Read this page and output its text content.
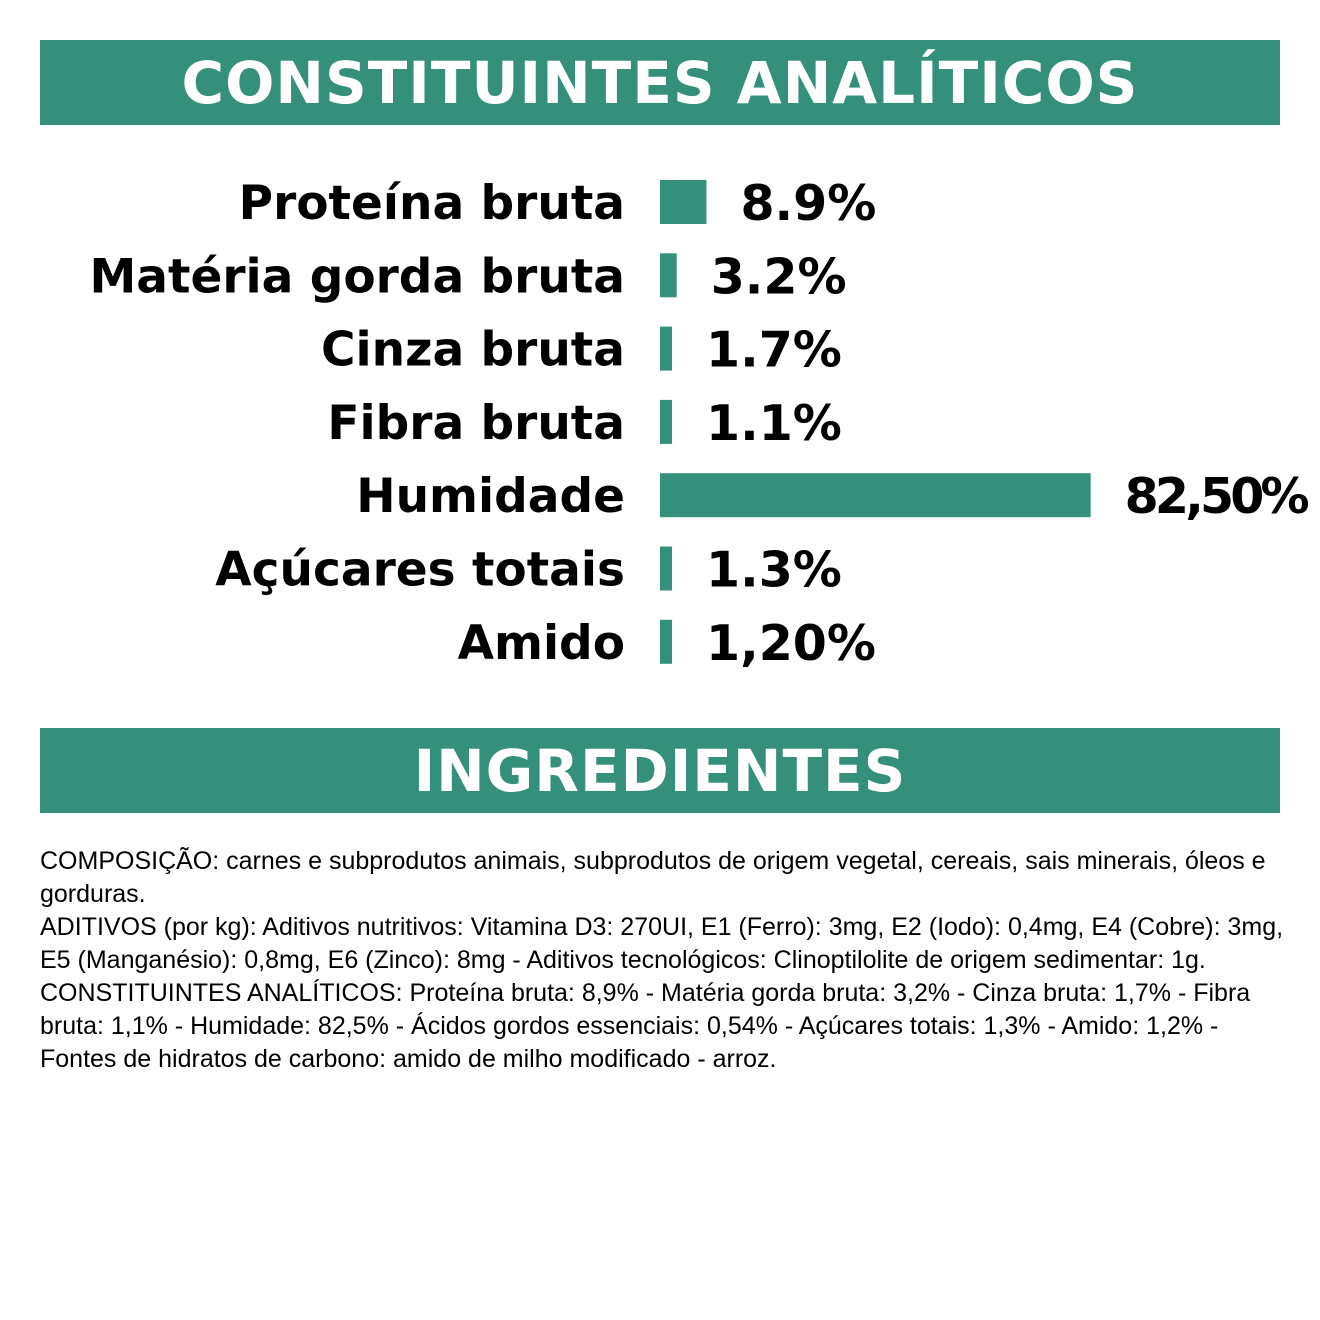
CONSTITUINTES ANALÍTICOS
Proteína bruta 8.9%
Matéria gorda bruta 3.2%
Cinza bruta 1.7%
Fibra bruta 1.1%
Humidade	82,50%
Açúcares totais 1.3%
Amido 1,20%
INGREDIENTES
COMPOSIÇÃO: carnes e subprodutos animais, subprodutos de origem vegetal, cereais, sais minerais, óleos e gorduras.
ADITIVOS (por kg): Aditivos nutritivos: Vitamina D3: 270UI, E1 (Ferro): 3mg, E2 (Iodo): 0,4mg, E4 (Cobre): 3mg, E5 (Manganésio): 0,8mg, E6 (Zinco): 8mg - Aditivos tecnológicos: Clinoptilolite de origem sedimentar: 1g.
CONSTITUINTES ANALÍTICOS: Proteína bruta: 8,9% - Matéria gorda bruta: 3,2% - Cinza bruta: 1,7% - Fibra bruta: 1,1% - Humidade: 82,5% - Ácidos gordos essenciais: 0,54% - Açúcares totais: 1,3% - Amido: 1,2% - Fontes de hidratos de carbono: amido de milho modificado - arroz.
